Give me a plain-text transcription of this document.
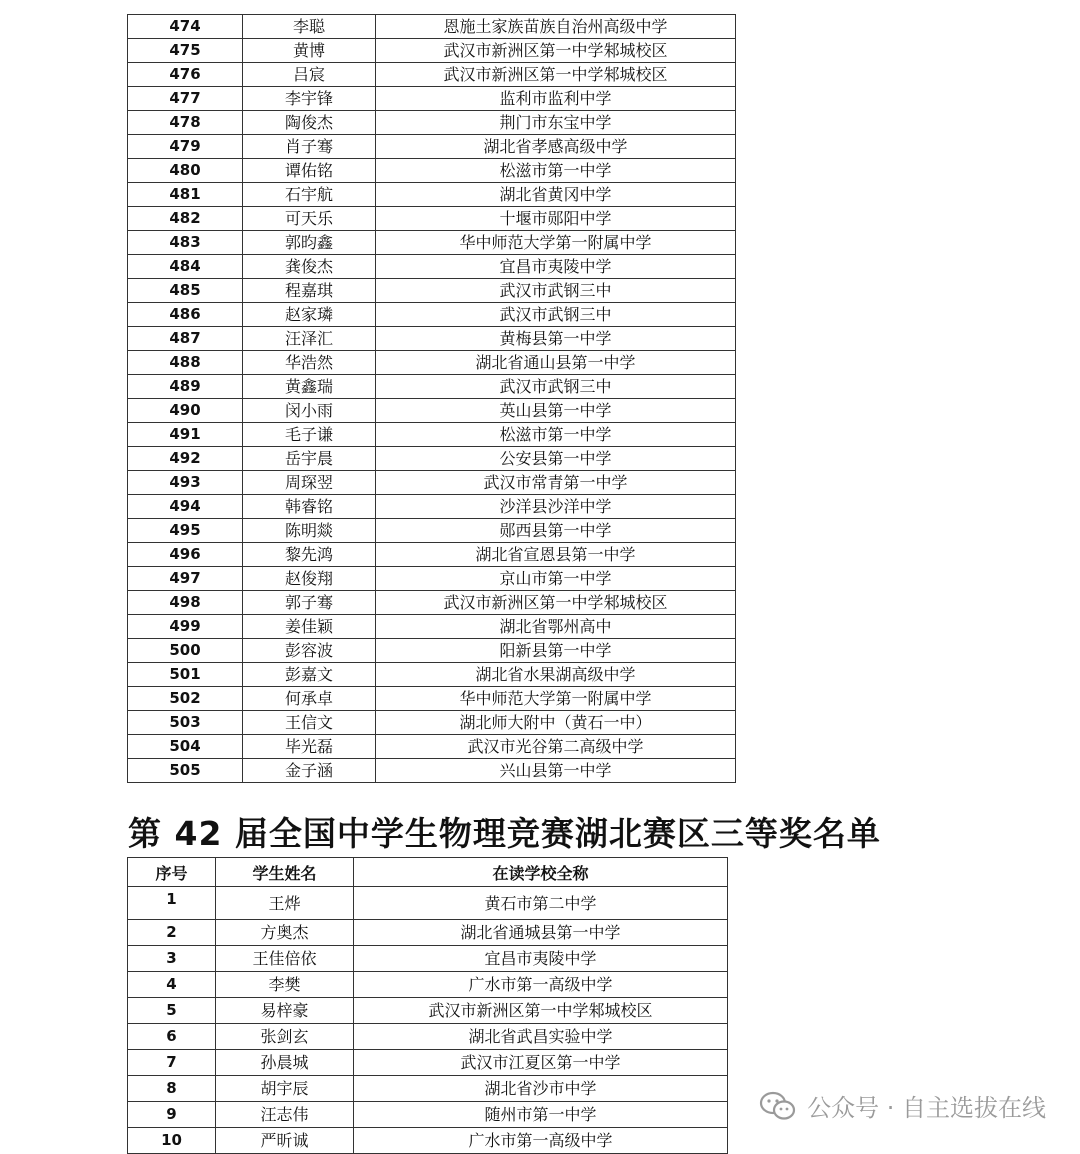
474	李聪	恩施土家族苗族自治州高级中学
475	黄博	武汉市新洲区第一中学邾城校区
476	吕宸	武汉市新洲区第一中学邾城校区
477	李宇锋	监利市监利中学
478	陶俊杰	荆门市东宝中学
479	肖子骞	湖北省孝感高级中学
480	谭佑铭	松滋市第一中学
481	石宇航	湖北省黄冈中学
482	可天乐	十堰市郧阳中学
483	郭昀鑫	华中师范大学第一附属中学
484	龚俊杰	宜昌市夷陵中学
485	程嘉琪	武汉市武钢三中
486	赵家璘	武汉市武钢三中
487	汪泽汇	黄梅县第一中学
488	华浩然	湖北省通山县第一中学
489	黄鑫瑞	武汉市武钢三中
490	闵小雨	英山县第一中学
491	毛子谦	松滋市第一中学
492	岳宇晨	公安县第一中学
493	周琛翌	武汉市常青第一中学
494	韩睿铭	沙洋县沙洋中学
495	陈明燚	郧西县第一中学
496	黎先鸿	湖北省宣恩县第一中学
497	赵俊翔	京山市第一中学
498	郭子骞	武汉市新洲区第一中学邾城校区
499	姜佳颖	湖北省鄂州高中
500	彭容波	阳新县第一中学
501	彭嘉文	湖北省水果湖高级中学
502	何承卓	华中师范大学第一附属中学
503	王信文	湖北师大附中（黄石一中）
504	毕光磊	武汉市光谷第二高级中学
505	金子涵	兴山县第一中学
第 42 届全国中学生物理竞赛湖北赛区三等奖名单
序号	学生姓名	在读学校全称
1	王烨	黄石市第二中学
2	方奥杰	湖北省通城县第一中学
3	王佳倍依	宜昌市夷陵中学
4	李樊	广水市第一高级中学
5	易梓豪	武汉市新洲区第一中学邾城校区
6	张剑玄	湖北省武昌实验中学
7	孙晨城	武汉市江夏区第一中学
8	胡宇辰	湖北省沙市中学
9	汪志伟	随州市第一中学
10	严昕诚	广水市第一高级中学
公众号 · 自主选拔在线
